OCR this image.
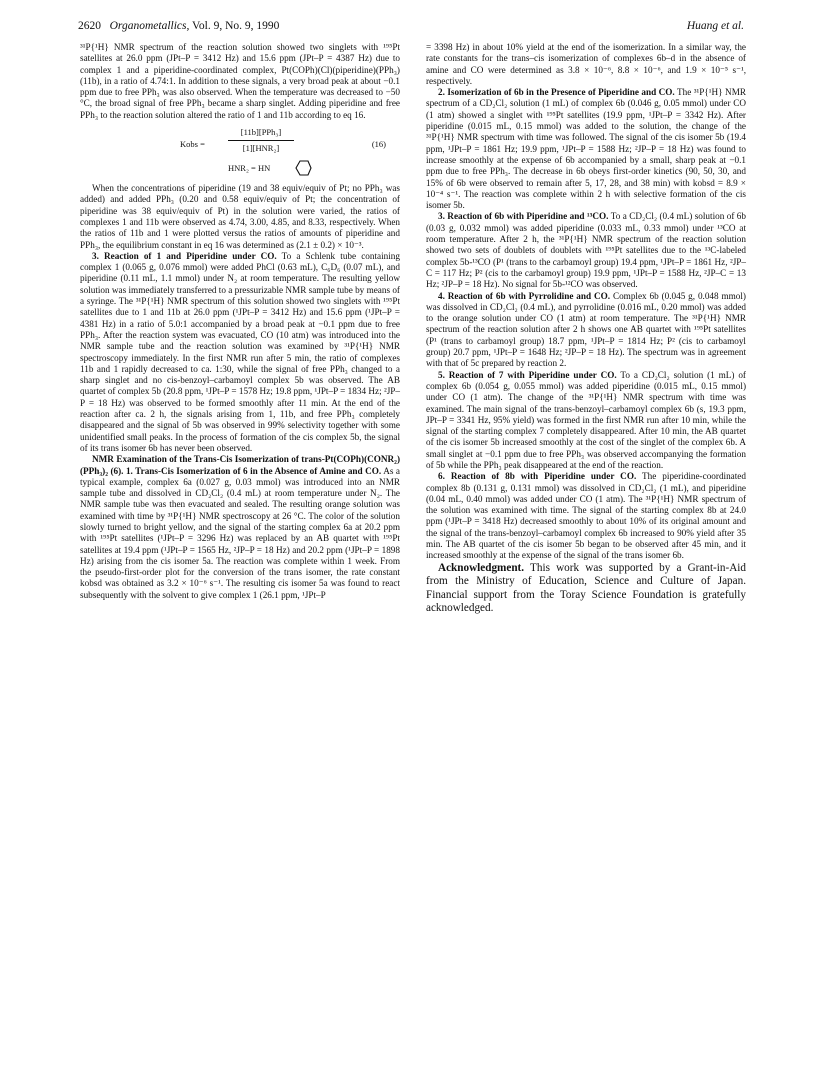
2620 Organometallics, Vol. 9, No. 9, 1990	Huang et al.

³¹P{¹H} NMR spectrum of the reaction solution showed two singlets with ¹⁹⁵Pt satellites at 26.0 ppm (JPt–P = 3412 Hz) and 15.6 ppm (JPt–P = 4387 Hz) due to complex 1 and a piperidine-coordinated complex, Pt(COPh)(Cl)(piperidine)(PPh₃) (11b), in a ratio of 4.74:1. In addition to these signals, a very broad peak at about −0.1 ppm due to free PPh₃ was also observed. When the temperature was decreased to −50 °C, the broad signal of free PPh₃ became a sharp singlet. Adding piperidine and free PPh₃ to the reaction solution altered the ratio of 1 and 11b according to eq 16.

Kobs =
[11b][PPh₃]
[1][HNR₂]	(16)
HNR₂ = HN

When the concentrations of piperidine (19 and 38 equiv/equiv of Pt; no PPh₃ was added) and added PPh₃ (0.20 and 0.58 equiv/equiv of Pt; the concentration of piperidine was 38 equiv/equiv of Pt) in the solution were varied, the ratios of complexes 1 and 11b were observed as 4.74, 3.00, 4.85, and 8.33, respectively. When the ratios of 11b and 1 were plotted versus the ratios of amounts of piperidine and PPh₃, the equilibrium constant in eq 16 was determined as (2.1 ± 0.2) × 10⁻³.

3. Reaction of 1 and Piperidine under CO. To a Schlenk tube containing complex 1 (0.065 g, 0.076 mmol) were added PhCl (0.63 mL), C₆D₆ (0.07 mL), and piperidine (0.11 mL, 1.1 mmol) under N₂ at room temperature. The resulting yellow solution was immediately transferred to a pressurizable NMR sample tube by means of a syringe. The ³¹P{¹H} NMR spectrum of this solution showed two singlets with ¹⁹⁵Pt satellites due to 1 and 11b at 26.0 ppm (¹JPt–P = 3412 Hz) and 15.6 ppm (¹JPt–P = 4381 Hz) in a ratio of 5.0:1 accompanied by a broad peak at −0.1 ppm due to free PPh₃. After the reaction system was evacuated, CO (10 atm) was introduced into the NMR sample tube and the reaction solution was examined by ³¹P{¹H} NMR spectroscopy immediately. In the first NMR run after 5 min, the ratio of complexes 11b and 1 rapidly decreased to ca. 1:30, while the signal of free PPh₃ changed to a sharp singlet and no cis-benzoyl–carbamoyl complex 5b was observed. The AB quartet of complex 5b (20.8 ppm, ¹JPt–P = 1578 Hz; 19.8 ppm, ¹JPt–P = 1834 Hz; ²JP–P = 18 Hz) was observed to be formed smoothly after 11 min. At the end of the reaction after ca. 2 h, the signals arising from 1, 11b, and free PPh₃ completely disappeared and the signal of 5b was observed in 99% selectivity together with some unidentified small peaks. In the process of formation of the cis complex 5b, the signal of its trans isomer 6b has never been observed.

NMR Examination of the Trans-Cis Isomerization of trans-Pt(COPh)(CONR₂)(PPh₃)₂ (6). 1. Trans-Cis Isomerization of 6 in the Absence of Amine and CO. As a typical example, complex 6a (0.027 g, 0.03 mmol) was introduced into an NMR sample tube and dissolved in CD₂Cl₂ (0.4 mL) at room temperature under N₂. The NMR sample tube was then evacuated and sealed. The resulting orange solution was examined with time by ³¹P{¹H} NMR spectroscopy at 26 °C. The color of the solution slowly turned to bright yellow, and the signal of the starting complex 6a at 20.2 ppm with ¹⁹⁵Pt satellites (¹JPt–P = 3296 Hz) was replaced by an AB quartet with ¹⁹⁵Pt satellites at 19.4 ppm (¹JPt–P = 1565 Hz, ²JP–P = 18 Hz) and 20.2 ppm (¹JPt–P = 1898 Hz) arising from the cis isomer 5a. The reaction was complete within 1 week. From the pseudo-first-order plot for the conversion of the trans isomer, the rate constant kobsd was obtained as 3.2 × 10⁻⁶ s⁻¹. The resulting cis isomer 5a was found to react subsequently with the solvent to give complex 1 (26.1 ppm, ¹JPt–P

= 3398 Hz) in about 10% yield at the end of the isomerization. In a similar way, the rate constants for the trans–cis isomerization of complexes 6b–d in the absence of amine and CO were determined as 3.8 × 10⁻⁶, 8.8 × 10⁻⁶, and 1.9 × 10⁻⁵ s⁻¹, respectively.

2. Isomerization of 6b in the Presence of Piperidine and CO. The ³¹P{¹H} NMR spectrum of a CD₂Cl₂ solution (1 mL) of complex 6b (0.046 g, 0.05 mmol) under CO (1 atm) showed a singlet with ¹⁹⁵Pt satellites (19.9 ppm, ¹JPt–P = 3342 Hz). After piperidine (0.015 mL, 0.15 mmol) was added to the solution, the change of the ³¹P{¹H} NMR spectrum with time was followed. The signal of the cis isomer 5b (19.4 ppm, ¹JPt–P = 1861 Hz; 19.9 ppm, ¹JPt–P = 1588 Hz; ²JP–P = 18 Hz) was found to increase smoothly at the expense of 6b accompanied by a small, sharp peak at −0.1 ppm due to free PPh₃. The decrease in 6b obeys first-order kinetics (90, 50, 30, and 15% of 6b were observed to remain after 5, 17, 28, and 38 min) with kobsd = 8.9 × 10⁻⁴ s⁻¹. The reaction was complete within 2 h with selective formation of the cis isomer 5b.

3. Reaction of 6b with Piperidine and ¹³CO. To a CD₂Cl₂ (0.4 mL) solution of 6b (0.03 g, 0.032 mmol) was added piperidine (0.033 mL, 0.33 mmol) under ¹³CO at room temperature. After 2 h, the ³¹P{¹H} NMR spectrum of the reaction solution showed two sets of doublets of doublets with ¹⁹⁵Pt satellites due to the ¹³C-labeled complex 5b-¹³CO (P¹ (trans to the carbamoyl group) 19.4 ppm, ¹JPt–P = 1861 Hz, ²JP–C = 117 Hz; P² (cis to the carbamoyl group) 19.9 ppm, ¹JPt–P = 1588 Hz, ²JP–C = 13 Hz; ²JP–P = 18 Hz). No signal for 5b-¹²CO was observed.

4. Reaction of 6b with Pyrrolidine and CO. Complex 6b (0.045 g, 0.048 mmol) was dissolved in CD₂Cl₂ (0.4 mL), and pyrrolidine (0.016 mL, 0.20 mmol) was added to the orange solution under CO (1 atm) at room temperature. The ³¹P{¹H} NMR spectrum of the reaction solution after 2 h shows one AB quartet with ¹⁹⁵Pt satellites (P¹ (trans to carbamoyl group) 18.7 ppm, ¹JPt–P = 1814 Hz; P² (cis to carbamoyl group) 20.7 ppm, ¹JPt–P = 1648 Hz; ²JP–P = 18 Hz). The spectrum was in agreement with that of 5c prepared by reaction 2.

5. Reaction of 7 with Piperidine under CO. To a CD₂Cl₂ solution (1 mL) of complex 6b (0.054 g, 0.055 mmol) was added piperidine (0.015 mL, 0.15 mmol) under CO (1 atm). The change of the ³¹P{¹H} NMR spectrum with time was examined. The main signal of the trans-benzoyl–carbamoyl complex 6b (s, 19.3 ppm, JPt–P = 3341 Hz, 95% yield) was formed in the first NMR run after 10 min, while the signal of the starting complex 7 completely disappeared. After 10 min, the AB quartet of the cis isomer 5b increased smoothly at the cost of the singlet of the complex 6b. A small singlet at −0.1 ppm due to free PPh₃ was observed accompanying the formation of 5b while the PPh₃ peak disappeared at the end of the reaction.

6. Reaction of 8b with Piperidine under CO. The piperidine-coordinated complex 8b (0.131 g, 0.131 mmol) was dissolved in CD₂Cl₂ (1 mL), and piperidine (0.04 mL, 0.40 mmol) was added under CO (1 atm). The ³¹P{¹H} NMR spectrum of the solution was examined with time. The signal of the starting complex 8b at 24.0 ppm (¹JPt–P = 3418 Hz) decreased smoothly to about 10% of its original amount and the signal of the trans-benzoyl–carbamoyl complex 6b increased to 90% yield after 35 min. The AB quartet of the cis isomer 5b began to be observed after 45 min, and it increased smoothly at the expense of the signal of the trans isomer 6b.

Acknowledgment. This work was supported by a Grant-in-Aid from the Ministry of Education, Science and Culture of Japan. Financial support from the Toray Science Foundation is gratefully acknowledged.
